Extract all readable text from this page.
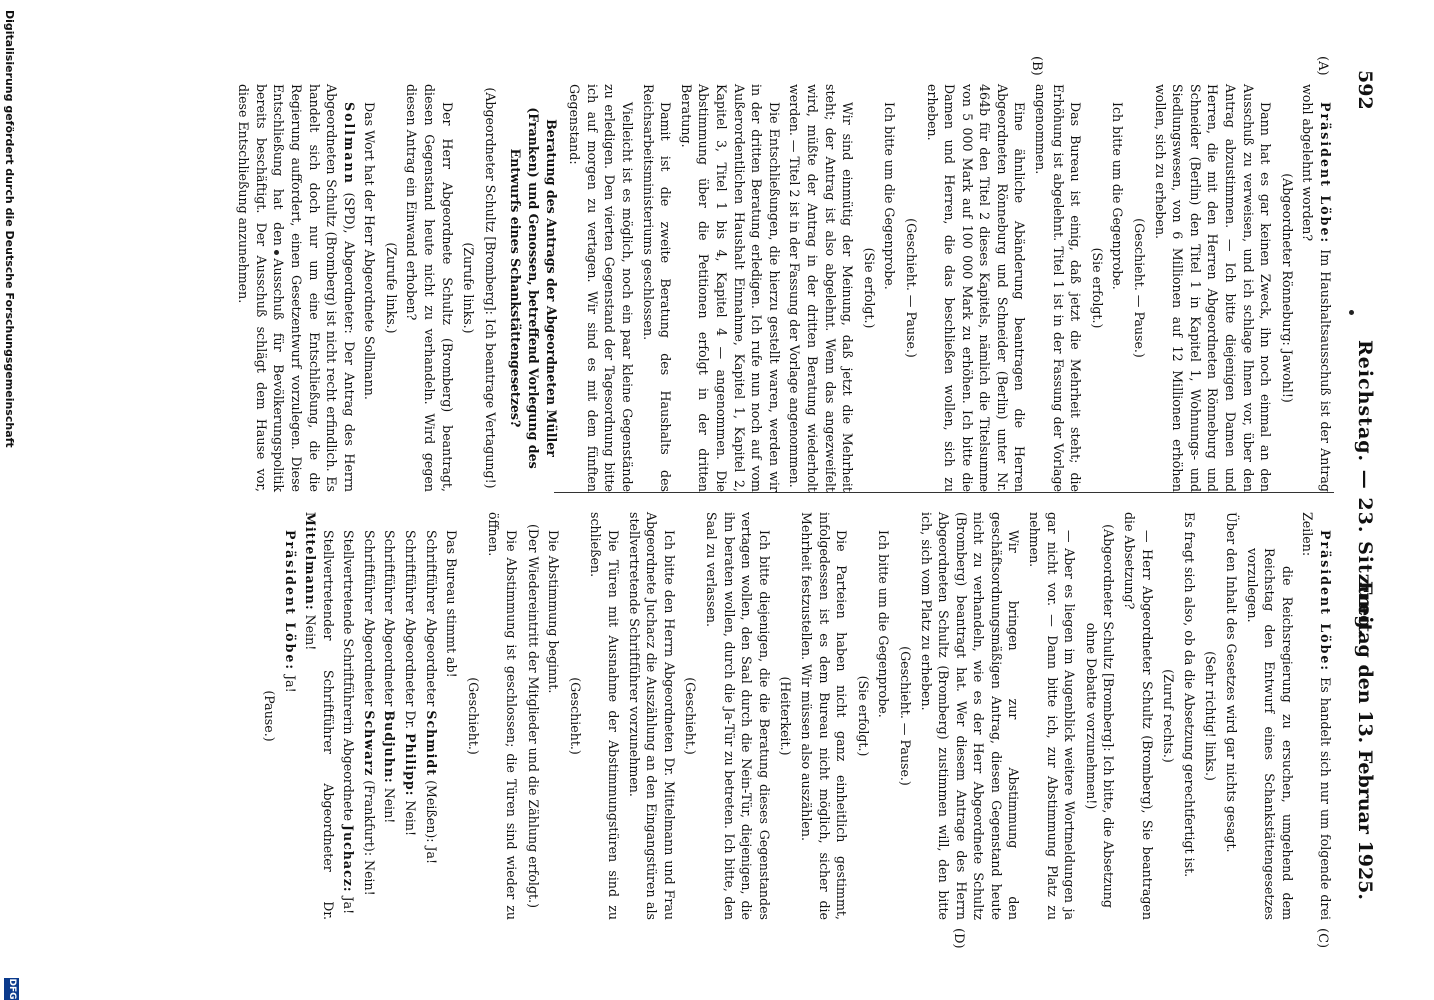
592
Reichstag. — 23. Sitzung.
Freitag den 13. Februar 1925.
(A)
(B)
(C)
(D)

Präsident Löbe: Im Haushaltsausschuß ist der Antrag wohl abgelehnt worden?

(Abgeordneter Rönneburg: Jawohl!)

Dann hat es gar keinen Zweck, ihn noch einmal an den Ausschuß zu verweisen, und ich schlage Ihnen vor, über den Antrag abzustimmen. — Ich bitte diejenigen Damen und Herren, die mit den Herren Abgeordneten Rönneburg und Schneider (Berlin) den Titel 1 in Kapitel 1, Wohnungs- und Siedlungswesen, von 6 Millionen auf 12 Millionen erhöhen wollen, sich zu erheben.

(Geschieht. — Pause.)

Ich bitte um die Gegenprobe.

(Sie erfolgt.)

Das Bureau ist einig, daß jetzt die Mehrheit steht; die Erhöhung ist abgelehnt. Titel 1 ist in der Fassung der Vorlage angenommen.

Eine ähnliche Abänderung beantragen die Herren Abgeordneten Rönneburg und Schneider (Berlin) unter Nr. 464b für den Titel 2 dieses Kapitels, nämlich die Titelsumme von 5 000 Mark auf 100 000 Mark zu erhöhen. Ich bitte die Damen und Herren, die das beschließen wollen, sich zu erheben.

(Geschieht. — Pause.)

Ich bitte um die Gegenprobe.

(Sie erfolgt.)

Wir sind einmütig der Meinung, daß jetzt die Mehrheit steht; der Antrag ist also abgelehnt. Wenn das angezweifelt wird, müßte der Antrag in der dritten Beratung wiederholt werden. — Titel 2 ist in der Fassung der Vorlage angenommen.

Die Entschließungen, die hierzu gestellt waren, werden wir in der dritten Beratung erledigen. Ich rufe nun noch auf vom Außerordentlichen Haushalt Einnahme, Kapitel 1, Kapitel 2, Kapitel 3, Titel 1 bis 4, Kapitel 4 — angenommen. Die Abstimmung über die Petitionen erfolgt in der dritten Beratung.

Damit ist die zweite Beratung des Haushalts des Reichsarbeitsministeriums geschlossen.

Vielleicht ist es möglich, noch ein paar kleine Gegenstände zu erledigen. Den vierten Gegenstand der Tagesordnung bitte ich auf morgen zu vertagen. Wir sind es mit dem fünften Gegenstand:

Beratung des Antrags der Abgeordneten Müller (Franken) und Genossen, betreffend Vorlegung des Entwurfs eines Schankstättengesetzes?

(Abgeordneter Schultz [Bromberg]: Ich beantrage Vertagung!)

(Zurufe links.)

Der Herr Abgeordnete Schultz (Bromberg) beantragt, diesen Gegenstand heute nicht zu verhandeln. Wird gegen diesen Antrag ein Einwand erhoben?

(Zurufe links.)

Das Wort hat der Herr Abgeordnete Sollmann.

Sollmann (SPD), Abgeordneter: Der Antrag des Herrn Abgeordneten Schultz (Bromberg) ist nicht recht erfindlich. Es handelt sich doch nur um eine Entschließung, die die Regierung auffordert, einen Gesetzentwurf vorzulegen. Diese Entschließung hat den Ausschuß für Bevölkerungspolitik bereits beschäftigt. Der Ausschuß schlägt dem Hause vor, diese Entschließung anzunehmen.

Präsident Löbe: Es handelt sich nur um folgende drei Zeilen:

die Reichsregierung zu ersuchen, umgehend dem Reichstag den Entwurf eines Schankstättengesetzes vorzulegen.

Über den Inhalt des Gesetzes wird gar nichts gesagt.

(Sehr richtig! links.)

Es fragt sich also, ob da die Absetzung gerechtfertigt ist.

(Zuruf rechts.)

— Herr Abgeordneter Schultz (Bromberg), Sie beantragen die Absetzung?

(Abgeordneter Schultz [Bromberg]: Ich bitte, die Absetzung ohne Debatte vorzunehmen!)

— Aber es liegen im Augenblick weitere Wortmeldungen ja gar nicht vor. — Dann bitte ich, zur Abstimmung Platz zu nehmen.

Wir bringen zur Abstimmung den geschäftsordnungsmäßigen Antrag, diesen Gegenstand heute nicht zu verhandeln, wie es der Herr Abgeordnete Schultz (Bromberg) beantragt hat. Wer diesem Antrage des Herrn Abgeordneten Schultz (Bromberg) zustimmen will, den bitte ich, sich vom Platz zu erheben.

(Geschieht. — Pause.)

Ich bitte um die Gegenprobe.

(Sie erfolgt.)

Die Parteien haben nicht ganz einheitlich gestimmt, infolgedessen ist es dem Bureau nicht möglich, sicher die Mehrheit festzustellen. Wir müssen also auszählen.

(Heiterkeit.)

Ich bitte diejenigen, die die Beratung dieses Gegenstandes vertagen wollen, den Saal durch die Nein-Tür, diejenigen, die ihn beraten wollen, durch die Ja-Tür zu betreten. Ich bitte, den Saal zu verlassen.

(Geschieht.)

Ich bitte den Herrn Abgeordneten Dr. Mittelmann und Frau Abgeordnete Juchacz die Auszählung an den Eingangstüren als stellvertretende Schriftführer vorzunehmen.

Die Türen mit Ausnahme der Abstimmungstüren sind zu schließen.

(Geschieht.)

Die Abstimmung beginnt.

(Der Wiedereintritt der Mitglieder und die Zählung erfolgt.)

Die Abstimmung ist geschlossen; die Türen sind wieder zu öffnen.

(Geschieht.)

Das Bureau stimmt ab!

Schriftführer Abgeordneter Schmidt (Meißen): Ja!

Schriftführer Abgeordneter Dr. Philipp: Nein!

Schriftführer Abgeordneter Budjuhn: Nein!

Schriftführer Abgeordneter Schwarz (Frankfurt): Nein!

Stellvertretende Schriftführerin Abgeordnete Juchacz: Ja!

Stellvertretender Schriftführer Abgeordneter Dr. Mittelmann: Nein!

Präsident Löbe: Ja!

(Pause.)

Digitalisierung gefördert durch die Deutsche Forschungsgemeinschaft
DFG
